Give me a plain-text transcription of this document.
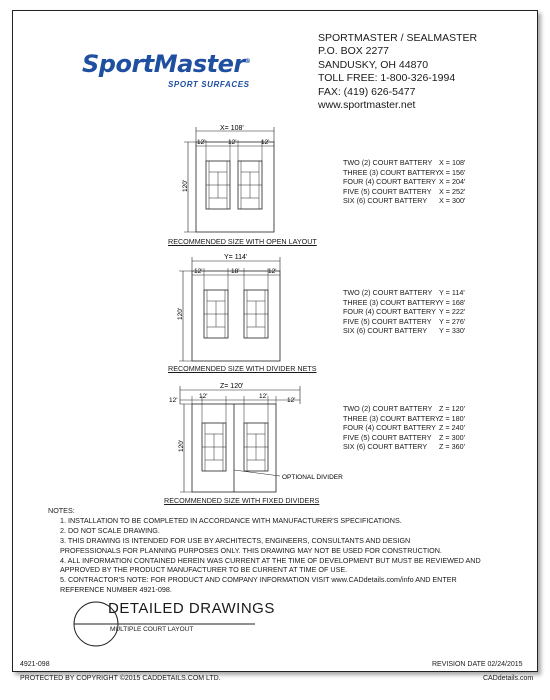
SportMaster®
SPORT SURFACES
SPORTMASTER / SEALMASTER
P.O. BOX 2277
SANDUSKY, OH 44870
TOLL FREE: 1-800-326-1994
FAX: (419) 626-5477
www.sportmaster.net
X= 108'
12'	12'	12'
120'
Y= 114'
12'	18'	12'
120'
Z= 120'
12'
12'	12'
12'
120'
OPTIONAL DIVIDER
RECOMMENDED SIZE WITH OPEN LAYOUT
RECOMMENDED SIZE WITH DIVIDER NETS
RECOMMENDED SIZE WITH FIXED DIVIDERS
TWO (2) COURT BATTERY X = 108'
THREE (3) COURT BATTERY X = 156'
FOUR (4) COURT BATTERY X = 204'
FIVE (5) COURT BATTERY X = 252'
SIX (6) COURT BATTERY X = 300'
TWO (2) COURT BATTERY Y = 114'
THREE (3) COURT BATTERY Y = 168'
FOUR (4) COURT BATTERY Y = 222'
FIVE (5) COURT BATTERY Y = 276'
SIX (6) COURT BATTERY Y = 330'
TWO (2) COURT BATTERY Z = 120'
THREE (3) COURT BATTERY Z = 180'
FOUR (4) COURT BATTERY Z = 240'
FIVE (5) COURT BATTERY Z = 300'
SIX (6) COURT BATTERY Z = 360'
NOTES:
1. INSTALLATION TO BE COMPLETED IN ACCORDANCE WITH MANUFACTURER'S SPECIFICATIONS.
2. DO NOT SCALE DRAWING.
3. THIS DRAWING IS INTENDED FOR USE BY ARCHITECTS, ENGINEERS, CONSULTANTS AND DESIGN
PROFESSIONALS FOR PLANNING PURPOSES ONLY. THIS DRAWING MAY NOT BE USED FOR CONSTRUCTION.
4. ALL INFORMATION CONTAINED HEREIN WAS CURRENT AT THE TIME OF DEVELOPMENT BUT MUST BE REVIEWED AND
APPROVED BY THE PRODUCT MANUFACTURER TO BE CURRENT AT TIME OF USE.
5. CONTRACTOR'S NOTE: FOR PRODUCT AND COMPANY INFORMATION VISIT www.CADdetails.com/info AND ENTER
REFERENCE NUMBER 4921-098.
DETAILED DRAWINGS
MULTIPLE COURT LAYOUT
4921-098	REVISION DATE 02/24/2015
PROTECTED BY COPYRIGHT ©2015 CADDETAILS.COM LTD.	CADdetails.com
